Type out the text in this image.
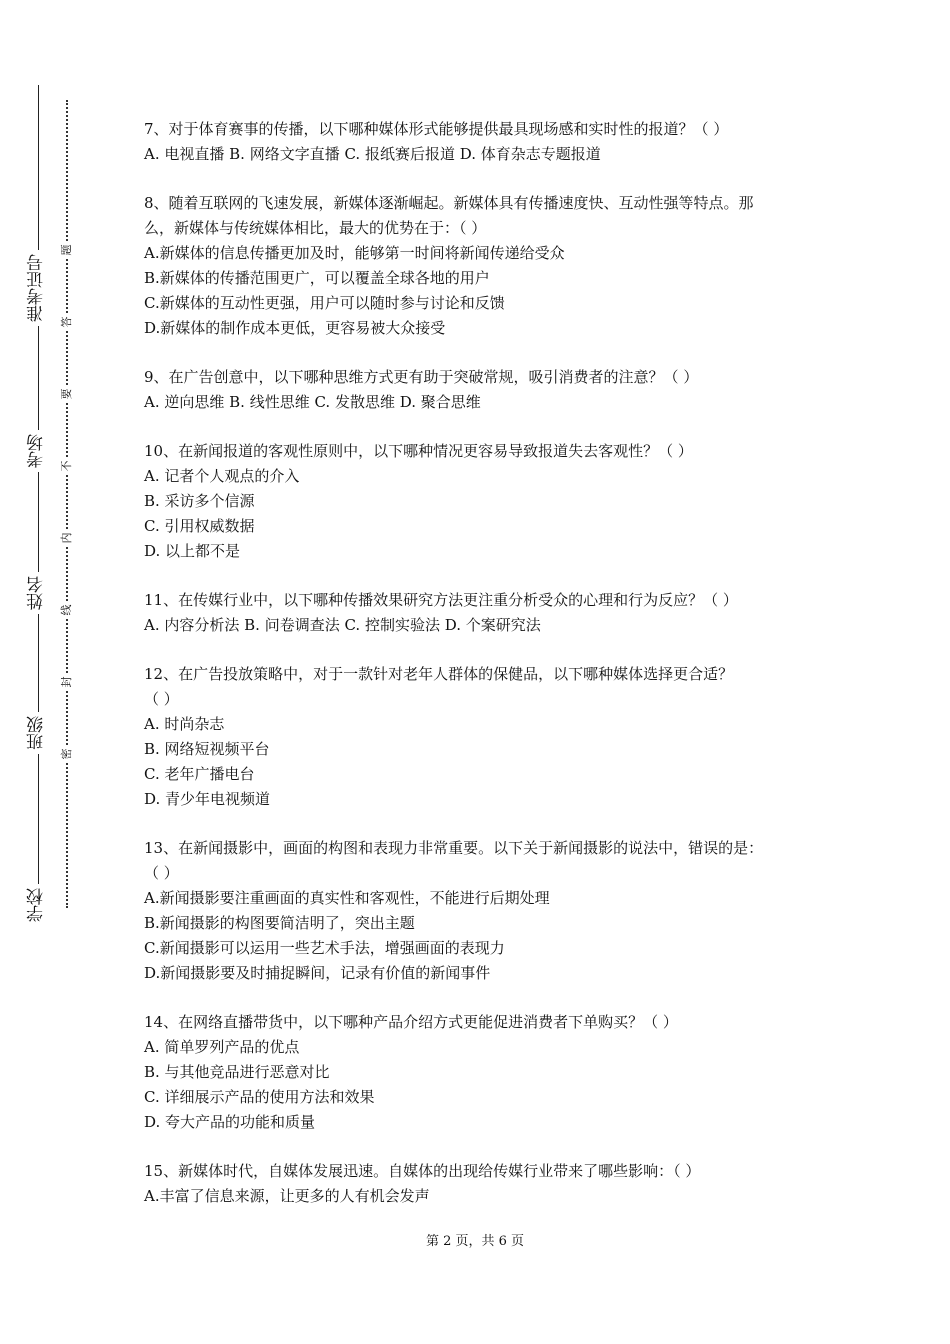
准考证号
考场
姓名
班级
学校
题
答
要
不
内
线
封
密
7、对于体育赛事的传播，以下哪种媒体形式能够提供最具现场感和实时性的报道？（ ）
A. 电视直播 B. 网络文字直播 C. 报纸赛后报道 D. 体育杂志专题报道
8、随着互联网的飞速发展，新媒体逐渐崛起。新媒体具有传播速度快、互动性强等特点。那
么，新媒体与传统媒体相比，最大的优势在于：（ ）
A.新媒体的信息传播更加及时，能够第一时间将新闻传递给受众
B.新媒体的传播范围更广，可以覆盖全球各地的用户
C.新媒体的互动性更强，用户可以随时参与讨论和反馈
D.新媒体的制作成本更低，更容易被大众接受
9、在广告创意中，以下哪种思维方式更有助于突破常规，吸引消费者的注意？（ ）
A. 逆向思维 B. 线性思维 C. 发散思维 D. 聚合思维
10、在新闻报道的客观性原则中，以下哪种情况更容易导致报道失去客观性？（ ）
A. 记者个人观点的介入
B. 采访多个信源
C. 引用权威数据
D. 以上都不是
11、在传媒行业中，以下哪种传播效果研究方法更注重分析受众的心理和行为反应？（ ）
A. 内容分析法 B. 问卷调查法 C. 控制实验法 D. 个案研究法
12、在广告投放策略中，对于一款针对老年人群体的保健品，以下哪种媒体选择更合适？
（ ）
A. 时尚杂志
B. 网络短视频平台
C. 老年广播电台
D. 青少年电视频道
13、在新闻摄影中，画面的构图和表现力非常重要。以下关于新闻摄影的说法中，错误的是：
（ ）
A.新闻摄影要注重画面的真实性和客观性，不能进行后期处理
B.新闻摄影的构图要简洁明了，突出主题
C.新闻摄影可以运用一些艺术手法，增强画面的表现力
D.新闻摄影要及时捕捉瞬间，记录有价值的新闻事件
14、在网络直播带货中，以下哪种产品介绍方式更能促进消费者下单购买？（ ）
A. 简单罗列产品的优点
B. 与其他竞品进行恶意对比
C. 详细展示产品的使用方法和效果
D. 夸大产品的功能和质量
15、新媒体时代，自媒体发展迅速。自媒体的出现给传媒行业带来了哪些影响：（ ）
A.丰富了信息来源，让更多的人有机会发声
第 2 页，共 6 页
